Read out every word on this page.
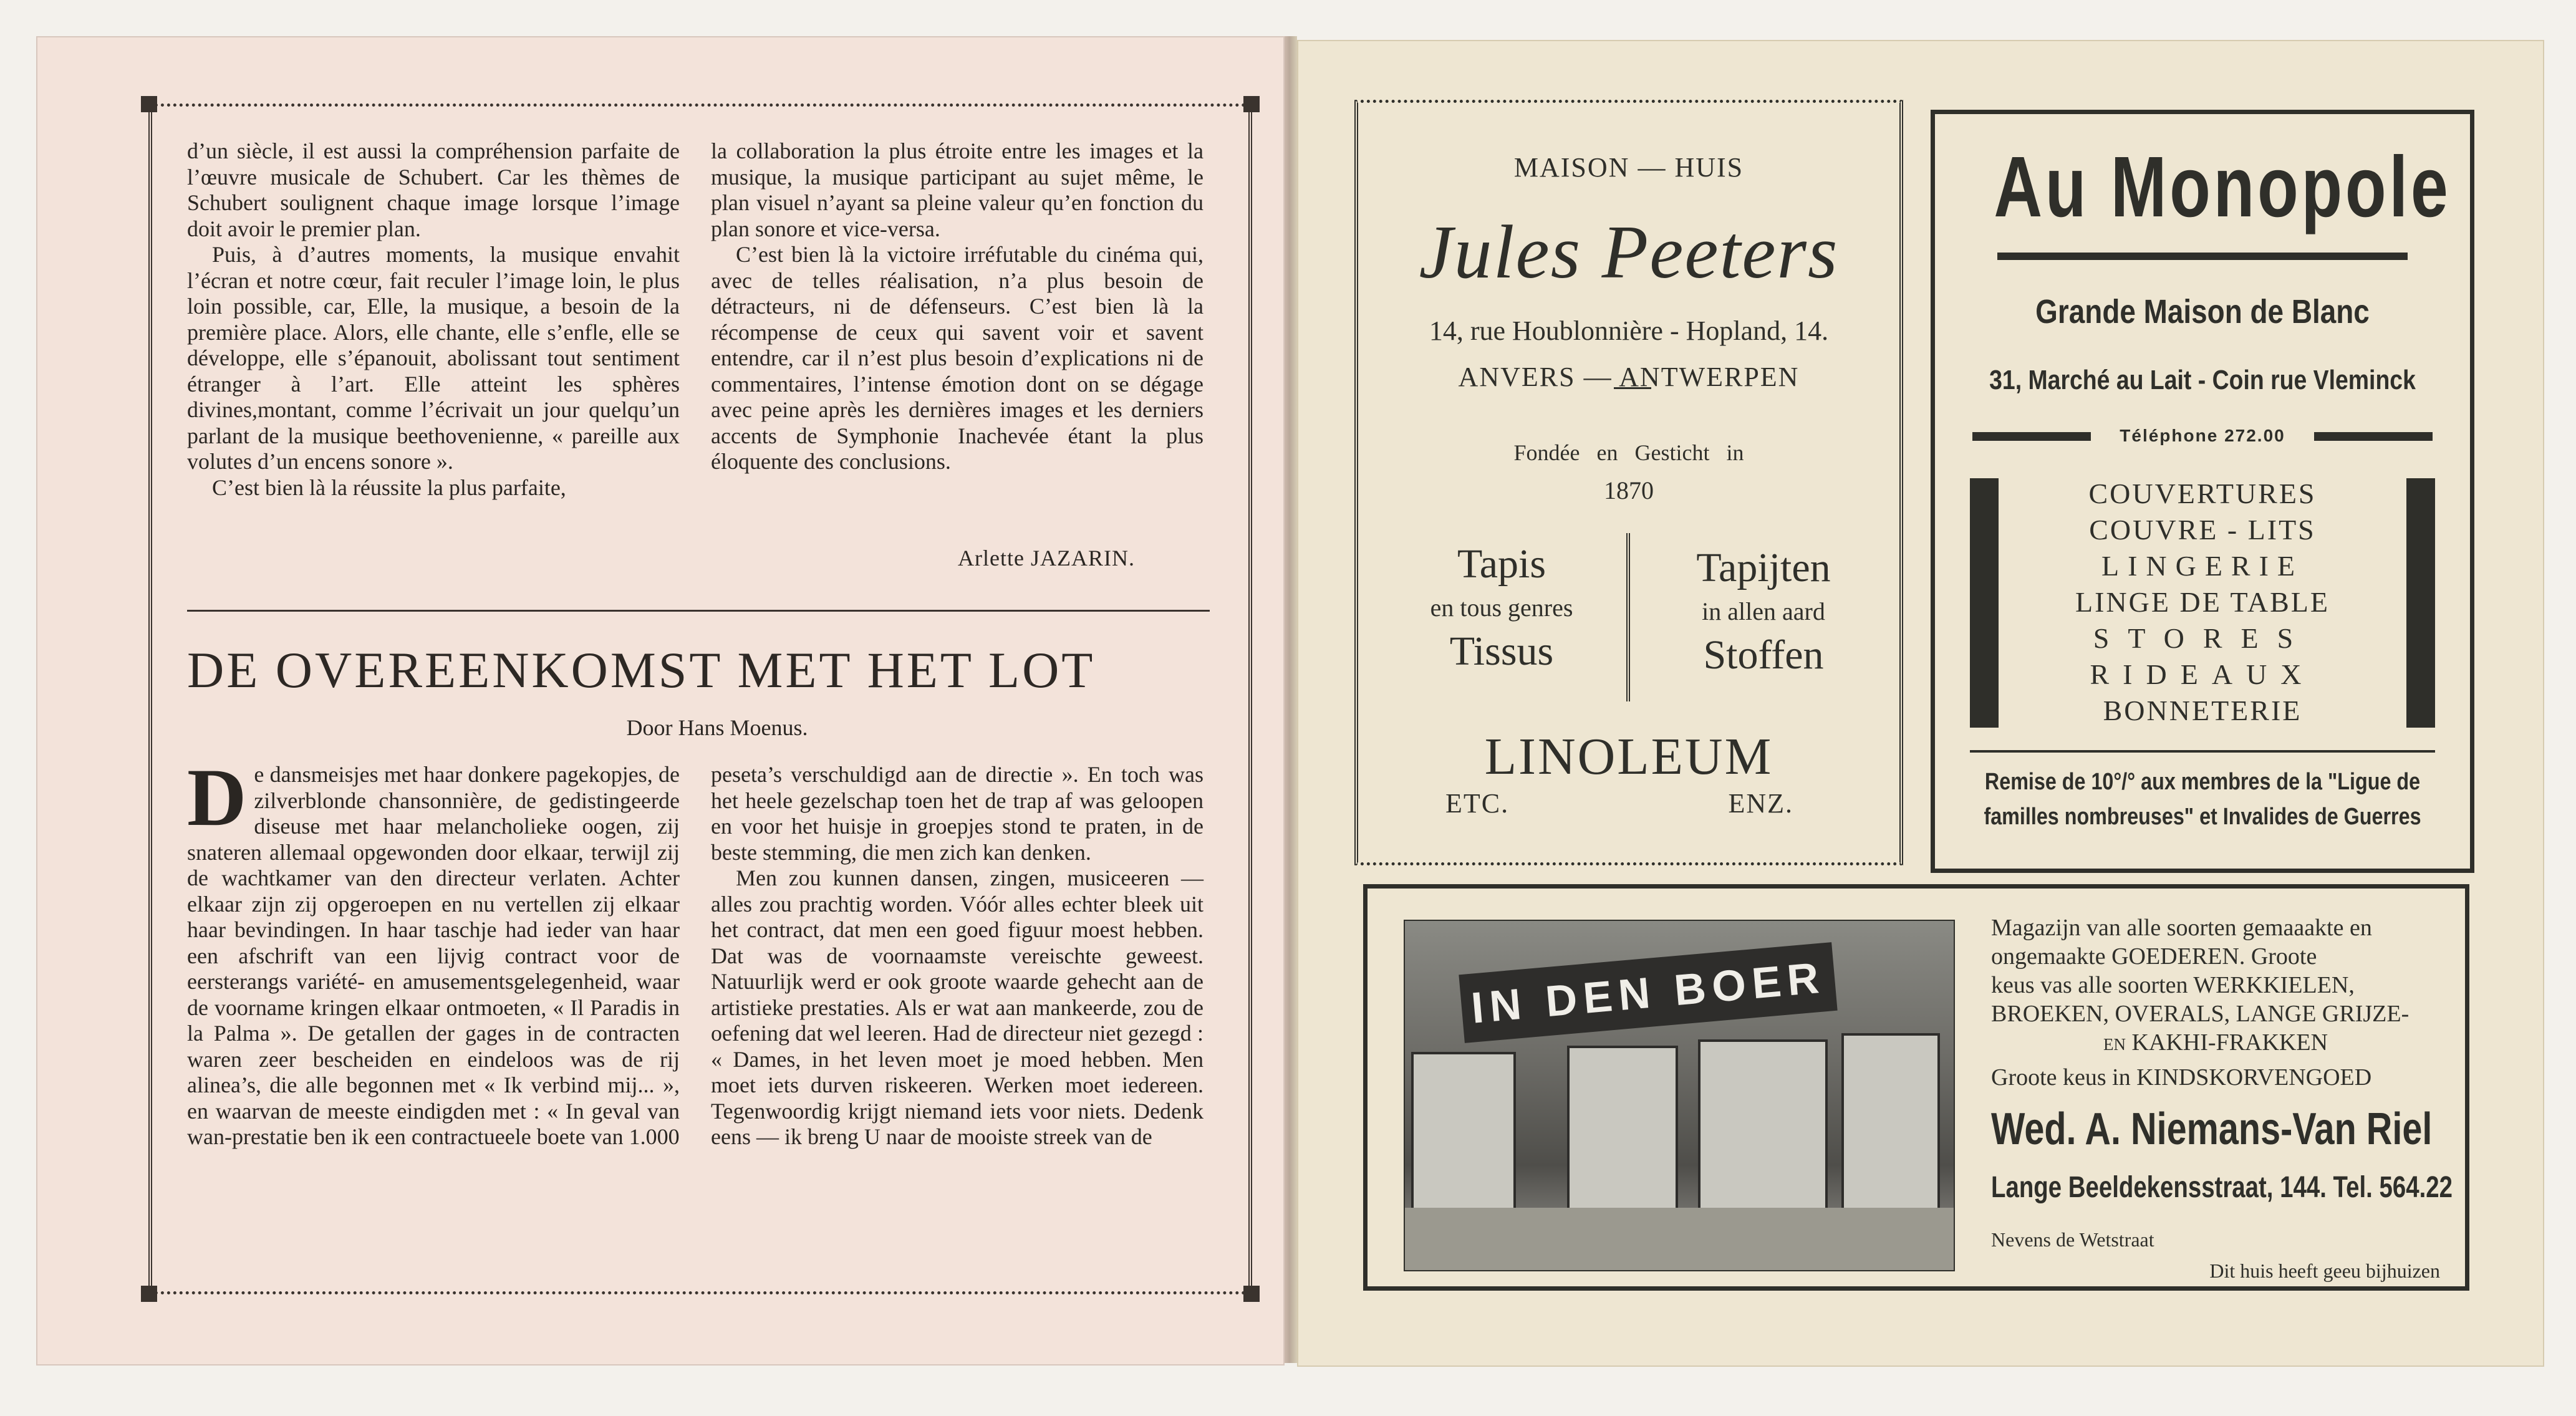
d’un siècle, il est aussi la compréhension parfaite de l’œuvre musicale de Schubert. Car les thèmes de Schubert soulignent chaque image lorsque l’image doit avoir le premier plan.

Puis, à d’autres moments, la musique envahit l’écran et notre cœur, fait reculer l’image loin, le plus loin possible, car, Elle, la musique, a besoin de la première place. Alors, elle chante, elle s’enfle, elle se développe, elle s’épanouit, abolissant tout sentiment étranger à l’art. Elle atteint les sphères divines,montant, comme l’écrivait un jour quelqu’un parlant de la musique beethovenienne, « pareille aux volutes d’un encens sonore ».

C’est bien là la réussite la plus parfaite,

la collaboration la plus étroite entre les images et la musique, la musique participant au sujet même, le plan visuel n’ayant sa pleine valeur qu’en fonction du plan sonore et vice-versa.

C’est bien là la victoire irréfutable du cinéma qui, avec de telles réalisation, n’a plus besoin de détracteurs, ni de défenseurs. C’est bien là la récompense de ceux qui savent voir et savent entendre, car il n’est plus besoin d’explications ni de commentaires, l’intense émotion dont on se dégage avec peine après les dernières images et les derniers accents de Symphonie Inachevée étant la plus éloquente des conclusions.

Arlette JAZARIN.
DE OVEREENKOMST MET HET LOT
Door Hans Moenus.

De dansmeisjes met haar donkere pagekopjes, de zilverblonde chansonnière, de gedistingeerde diseuse met haar melancholieke oogen, zij snateren allemaal opgewonden door elkaar, terwijl zij de wachtkamer van den directeur verlaten. Achter elkaar zijn zij opgeroepen en nu vertellen zij elkaar haar bevindingen. In haar taschje had ieder van haar een afschrift van een lijvig contract voor de eersterangs variété- en amusementsgelegenheid, waar de voorname kringen elkaar ontmoeten, « Il Paradis in la Palma ». De getallen der gages in de contracten waren zeer bescheiden en eindeloos was de rij alinea’s, die alle begonnen met « Ik verbind mij... », en waarvan de meeste eindigden met : « In geval van wan-prestatie ben ik een contractueele boete van 1.000

peseta’s verschuldigd aan de directie ». En toch was het heele gezelschap toen het de trap af was geloopen en voor het huisje in groepjes stond te praten, in de beste stemming, die men zich kan denken.

Men zou kunnen dansen, zingen, musiceeren — alles zou prachtig worden. Vóór alles echter bleek uit het contract, dat men een goed figuur moest hebben. Dat was de voornaamste vereischte geweest. Natuurlijk werd er ook groote waarde gehecht aan de artistieke prestaties. Als er wat aan mankeerde, zou de oefening dat wel leeren. Had de directeur niet gezegd : « Dames, in het leven moet je moed hebben. Men moet iets durven riskeeren. Werken moet iedereen. Tegenwoordig krijgt niemand iets voor niets. Dedenk eens — ik breng U naar de mooiste streek van de

MAISON — HUIS
Jules Peeters
14, rue Houblonnière - Hopland, 14.
ANVERS — ANTWERPEN
Fondée en Gesticht in
1870
Tapis
en tous genres
Tissus
Tapijten
in allen aard
Stoffen
LINOLEUM
ETC.	ENZ.
Au Monopole
Grande Maison de Blanc
31, Marché au Lait - Coin rue Vleminck
Téléphone 272.00
COUVERTURES
COUVRE - LITS
LINGERIE
LINGE DE TABLE
STORES
RIDEAUX
BONNETERIE
Remise de 10°/° aux membres de la "Ligue de
familles nombreuses" et Invalides de Guerres
IN DEN BOER
Magazijn van alle soorten gemaaakte en
ongemaakte GOEDEREN. Groote
keus vas alle soorten WERKKIELEN,
BROEKEN, OVERALS, LANGE GRIJZE-
en KAKHI-FRAKKEN
Groote keus in KINDSKORVENGOED
Wed. A. Niemans-Van Riel
Lange Beeldekensstraat, 144. Tel. 564.22
Nevens de Wetstraat
Dit huis heeft geeu bijhuizen
